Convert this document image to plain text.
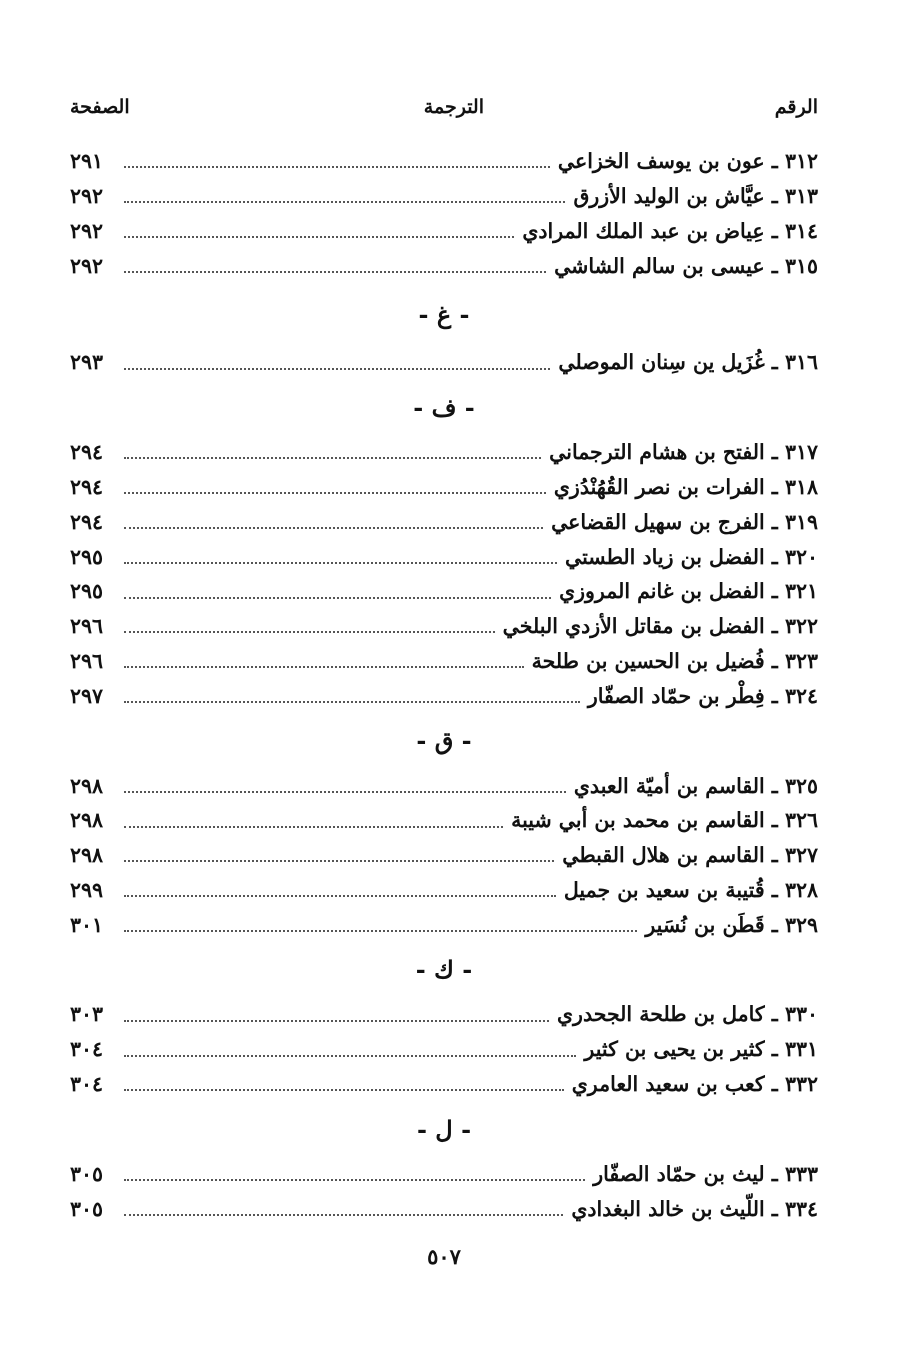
الرقم
الترجمة
الصفحة
٣١٢ ـ عون بن يوسف الخزاعي
٢٩١
٣١٣ ـ عيَّاش بن الوليد الأزرق
٢٩٢
٣١٤ ـ عِياض بن عبد الملك المرادي
٢٩٢
٣١٥ ـ عيسى بن سالم الشاشي
٢٩٢
- غ -
٣١٦ ـ غُزَيل ين سِنان الموصلي
٢٩٣
- ف -
٣١٧ ـ الفتح بن هشام الترجماني
٢٩٤
٣١٨ ـ الفرات بن نصر القُهُنْدُزي
٢٩٤
٣١٩ ـ الفرج بن سهيل القضاعي
٢٩٤
٣٢٠ ـ الفضل بن زياد الطستي
٢٩٥
٣٢١ ـ الفضل بن غانم المروزي
٢٩٥
٣٢٢ ـ الفضل بن مقاتل الأزدي البلخي
٢٩٦
٣٢٣ ـ فُضيل بن الحسين بن طلحة
٢٩٦
٣٢٤ ـ فِطْر بن حمّاد الصفّار
٢٩٧
- ق -
٣٢٥ ـ القاسم بن أميّة العبدي
٢٩٨
٣٢٦ ـ القاسم بن محمد بن أبي شيبة
٢٩٨
٣٢٧ ـ القاسم بن هلال القبطي
٢٩٨
٣٢٨ ـ قُتيبة بن سعيد بن جميل
٢٩٩
٣٢٩ ـ قَطَن بن نُسَير
٣٠١
- ك -
٣٣٠ ـ كامل بن طلحة الجحدري
٣٠٣
٣٣١ ـ كثير بن يحيى بن كثير
٣٠٤
٣٣٢ ـ كعب بن سعيد العامري
٣٠٤
- ل -
٣٣٣ ـ ليث بن حمّاد الصفّار
٣٠٥
٣٣٤ ـ اللّيث بن خالد البغدادي
٣٠٥
٥٠٧
